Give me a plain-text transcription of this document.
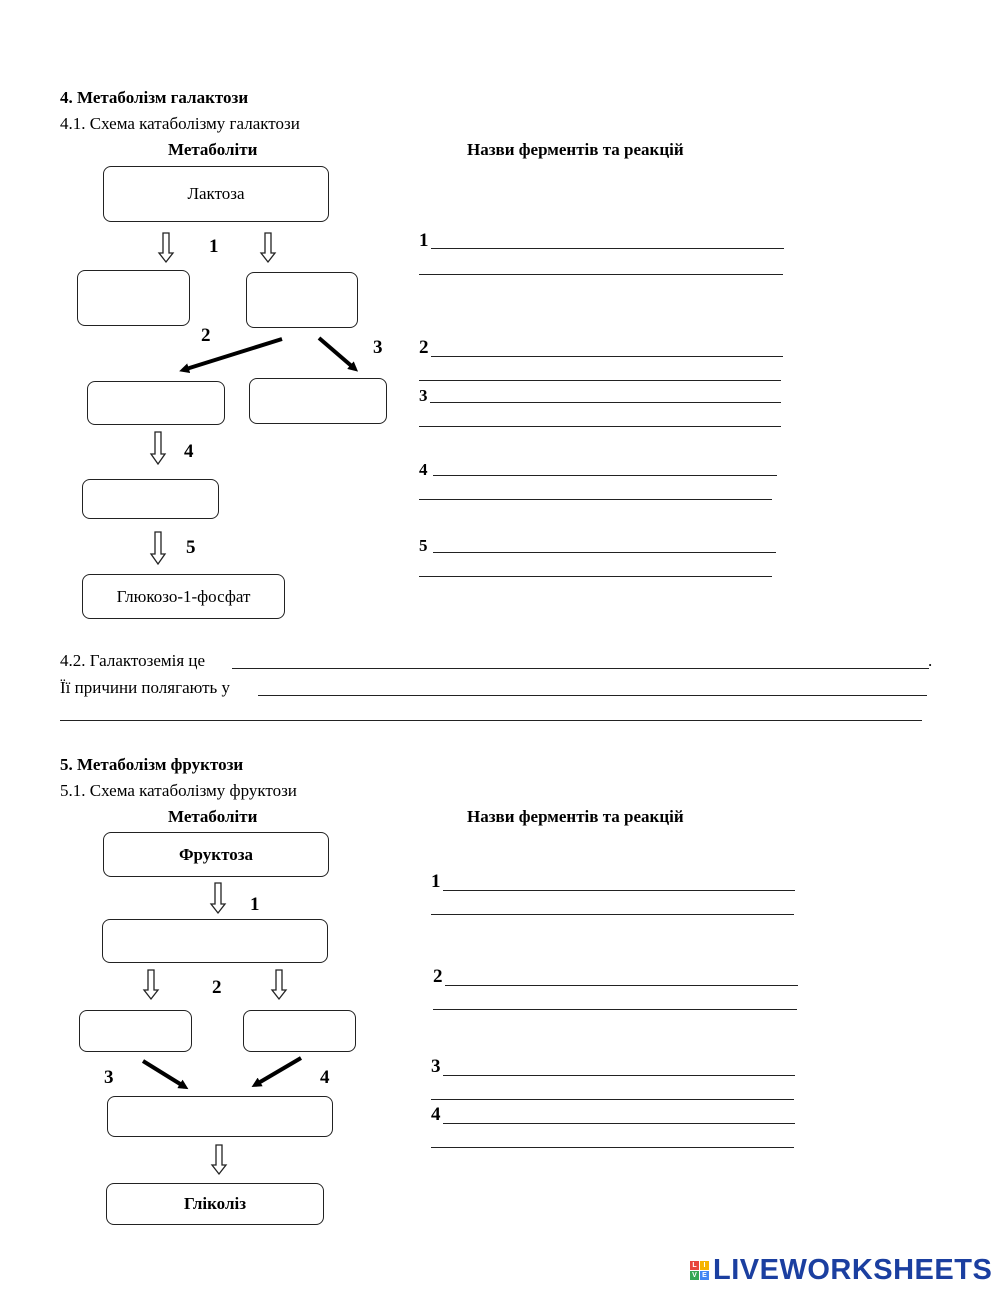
4. Метаболізм галактози
4.1. Схема катаболізму галактози
Метаболіти	Назви ферментів та реакцій
Лактоза
Глюкозо-1-фосфат
1
2
3
4
5
1
2
3
4
5
4.2. Галактоземія це	.
Її причини полягають у
5. Метаболізм фруктози
5.1. Схема катаболізму фруктози
Метаболіти	Назви ферментів та реакцій
Фруктоза
Гліколіз
1
2
3	4
1
2
3
4
L I
V E LIVEWORKSHEETS
